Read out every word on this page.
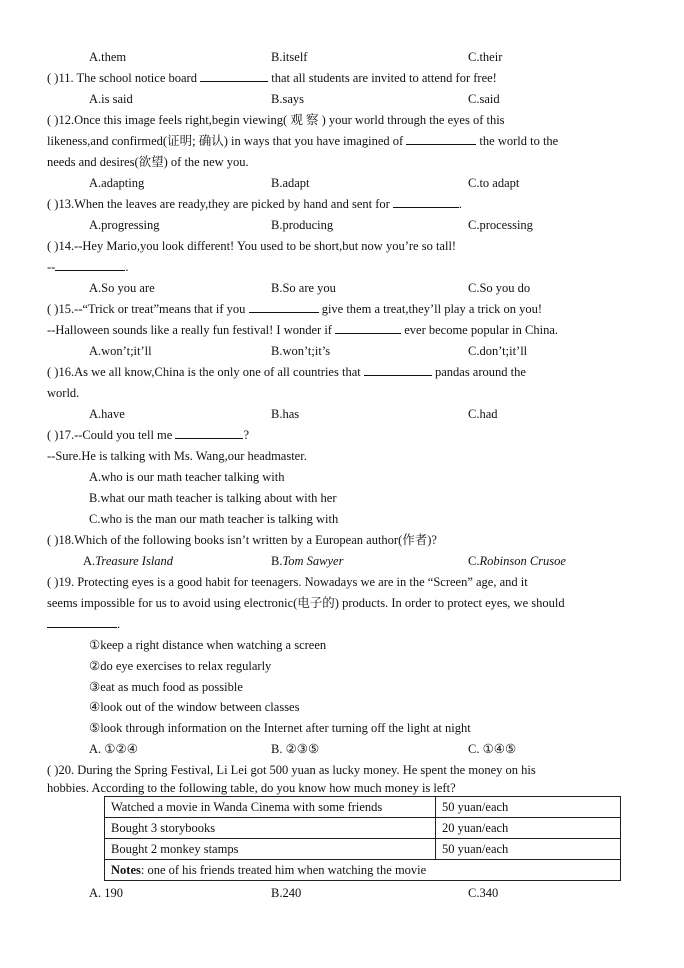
A.them	B.itself	C.their
( )11. The school notice board	that all students are invited to attend for free!
A.is said	B.says	C.said
( )12.Once this image feels right,begin viewing( 观 察 ) your world through the eyes of this
likeness,and confirmed(证明; 确认) in ways that you have imagined of	the world to the
needs and desires(欲望) of the new you.
A.adapting	B.adapt	C.to adapt
( )13.When the leaves are ready,they are picked by hand and sent for	.
A.progressing	B.producing	C.processing
( )14.--Hey Mario,you look different! You used to be short,but now you’re so tall!
--	.
A.So you are	B.So are you	C.So you do
( )15.--“Trick or treat”means that if you	give them a treat,they’ll play a trick on you!
--Halloween sounds like a really fun festival! I wonder if	ever become popular in China.
A.won’t;it’ll	B.won’t;it’s	C.don’t;it’ll
( )16.As we all know,China is the only one of all countries that	pandas around the
world.
A.have	B.has	C.had
( )17.--Could you tell me	?
--Sure.He is talking with Ms. Wang,our headmaster.
A.who is our math teacher talking with
B.what our math teacher is talking about with her
C.who is the man our math teacher is talking with
( )18.Which of the following books isn’t written by a European author(作者)?
A.Treasure Island	B.Tom Sawyer	C.Robinson Crusoe
( )19. Protecting eyes is a good habit for teenagers. Nowadays we are in the “Screen” age, and it
seems impossible for us to avoid using electronic(电子的) products. In order to protect eyes, we should
.
①keep a right distance when watching a screen
②do eye exercises to relax regularly
③eat as much food as possible
④look out of the window between classes
⑤look through information on the Internet after turning off the light at night
A. ①②④	B. ②③⑤	C. ①④⑤
( )20. During the Spring Festival, Li Lei got 500 yuan as lucky money. He spent the money on his
hobbies. According to the following table, do you know how much money is left?
Watched a movie in Wanda Cinema with some friends	50 yuan/each
Bought 3 storybooks	20 yuan/each
Bought 2 monkey stamps	50 yuan/each
Notes: one of his friends treated him when watching the movie	
A. 190	B.240	C.340
